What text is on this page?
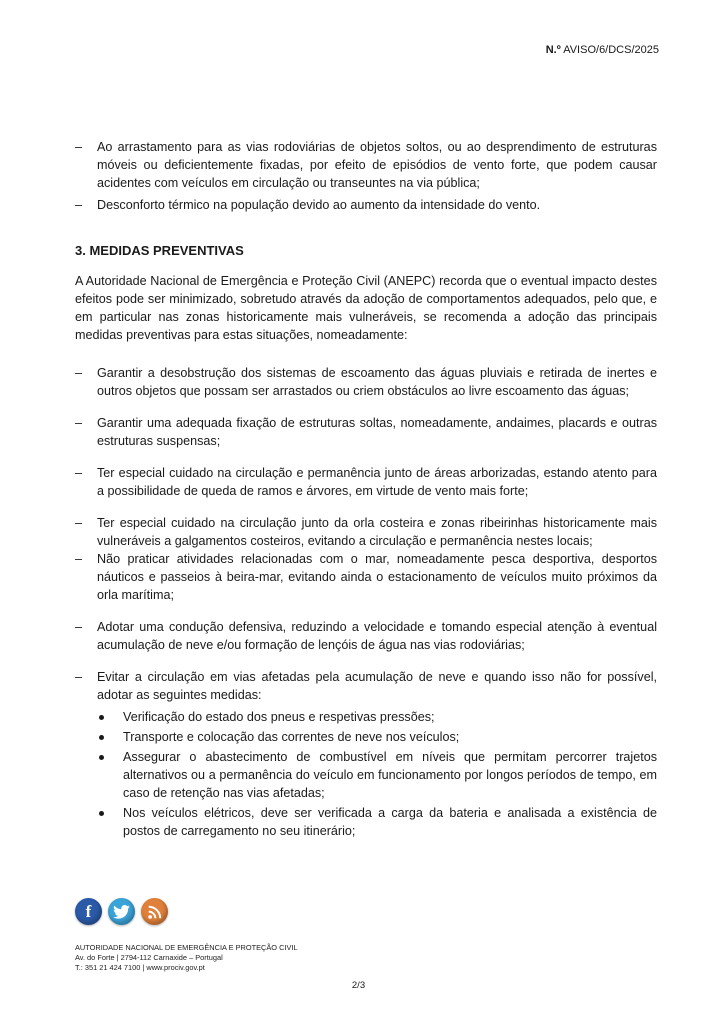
N.º AVISO/6/DCS/2025
– Ao arrastamento para as vias rodoviárias de objetos soltos, ou ao desprendimento de estruturas móveis ou deficientemente fixadas, por efeito de episódios de vento forte, que podem causar acidentes com veículos em circulação ou transeuntes na via pública;
– Desconforto térmico na população devido ao aumento da intensidade do vento.
3. MEDIDAS PREVENTIVAS

A Autoridade Nacional de Emergência e Proteção Civil (ANEPC) recorda que o eventual impacto destes efeitos pode ser minimizado, sobretudo através da adoção de comportamentos adequados, pelo que, e em particular nas zonas historicamente mais vulneráveis, se recomenda a adoção das principais medidas preventivas para estas situações, nomeadamente:

– Garantir a desobstrução dos sistemas de escoamento das águas pluviais e retirada de inertes e outros objetos que possam ser arrastados ou criem obstáculos ao livre escoamento das águas;
– Garantir uma adequada fixação de estruturas soltas, nomeadamente, andaimes, placards e outras estruturas suspensas;
– Ter especial cuidado na circulação e permanência junto de áreas arborizadas, estando atento para a possibilidade de queda de ramos e árvores, em virtude de vento mais forte;
– Ter especial cuidado na circulação junto da orla costeira e zonas ribeirinhas historicamente mais vulneráveis a galgamentos costeiros, evitando a circulação e permanência nestes locais;
– Não praticar atividades relacionadas com o mar, nomeadamente pesca desportiva, desportos náuticos e passeios à beira-mar, evitando ainda o estacionamento de veículos muito próximos da orla marítima;
– Adotar uma condução defensiva, reduzindo a velocidade e tomando especial atenção à eventual acumulação de neve e/ou formação de lençóis de água nas vias rodoviárias;
– Evitar a circulação em vias afetadas pela acumulação de neve e quando isso não for possível, adotar as seguintes medidas:
Verificação do estado dos pneus e respetivas pressões;
Transporte e colocação das correntes de neve nos veículos;
Assegurar o abastecimento de combustível em níveis que permitam percorrer trajetos alternativos ou a permanência do veículo em funcionamento por longos períodos de tempo, em caso de retenção nas vias afetadas;
Nos veículos elétricos, deve ser verificada a carga da bateria e analisada a existência de postos de carregamento no seu itinerário;
f
AUTORIDADE NACIONAL DE EMERGÊNCIA E PROTEÇÃO CIVIL
Av. do Forte | 2794-112 Carnaxide – Portugal
T.: 351 21 424 7100 | www.prociv.gov.pt
2/3
